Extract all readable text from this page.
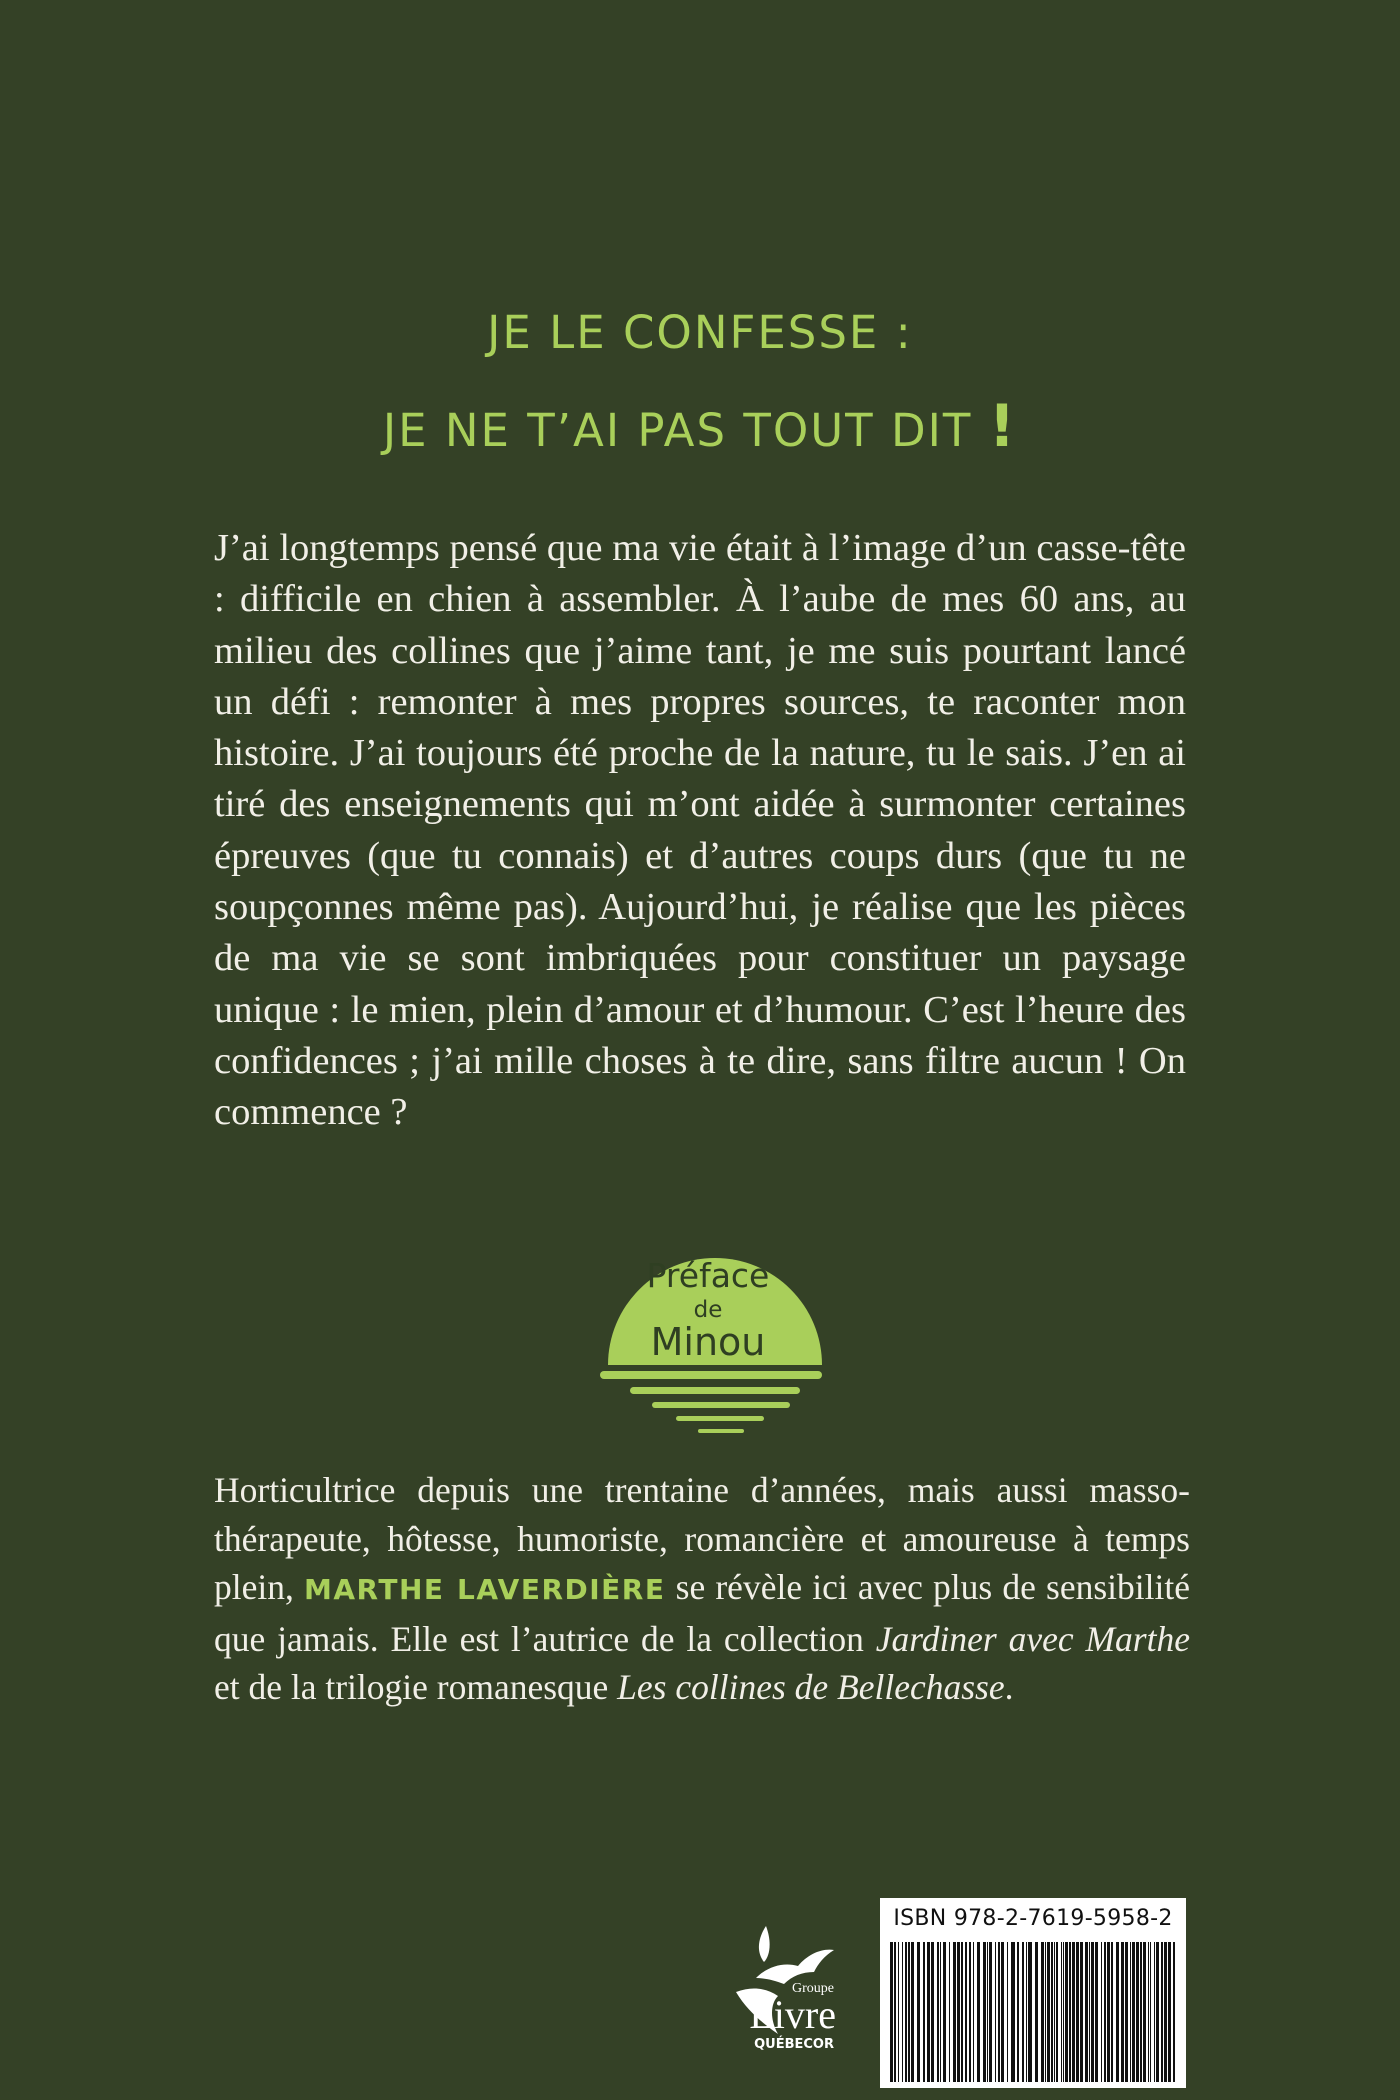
JE LE CONFESSE :
JE NE T’AI PAS TOUT DIT !

J’ai longtemps pensé que ma vie était à l’image d’un casse-tête : difficile en chien à assembler. À l’aube de mes 60 ans, au milieu des collines que j’aime tant, je me suis pourtant lancé un défi : remonter à mes propres sources, te raconter mon histoire. J’ai toujours été proche de la nature, tu le sais. J’en ai tiré des enseignements qui m’ont aidée à surmonter certaines épreuves (que tu connais) et d’autres coups durs (que tu ne soupçonnes même pas). Aujourd’hui, je réalise que les pièces de ma vie se sont imbriquées pour constituer un paysage unique : le mien, plein d’amour et d’humour. C’est l’heure des confidences ; j’ai mille choses à te dire, sans filtre aucun ! On commence ?

Préface
de
Minou

Horticultrice depuis une trentaine d’années, mais aussi masso-thérapeute, hôtesse, humoriste, romancière et amoureuse à temps plein, MARTHE LAVERDIÈRE se révèle ici avec plus de sensibilité que jamais. Elle est l’autrice de la collection Jardiner avec Marthe et de la trilogie romanesque Les collines de Bellechasse.

Groupe
Livre
QUÉBECOR
ISBN 978-2-7619-5958-2
